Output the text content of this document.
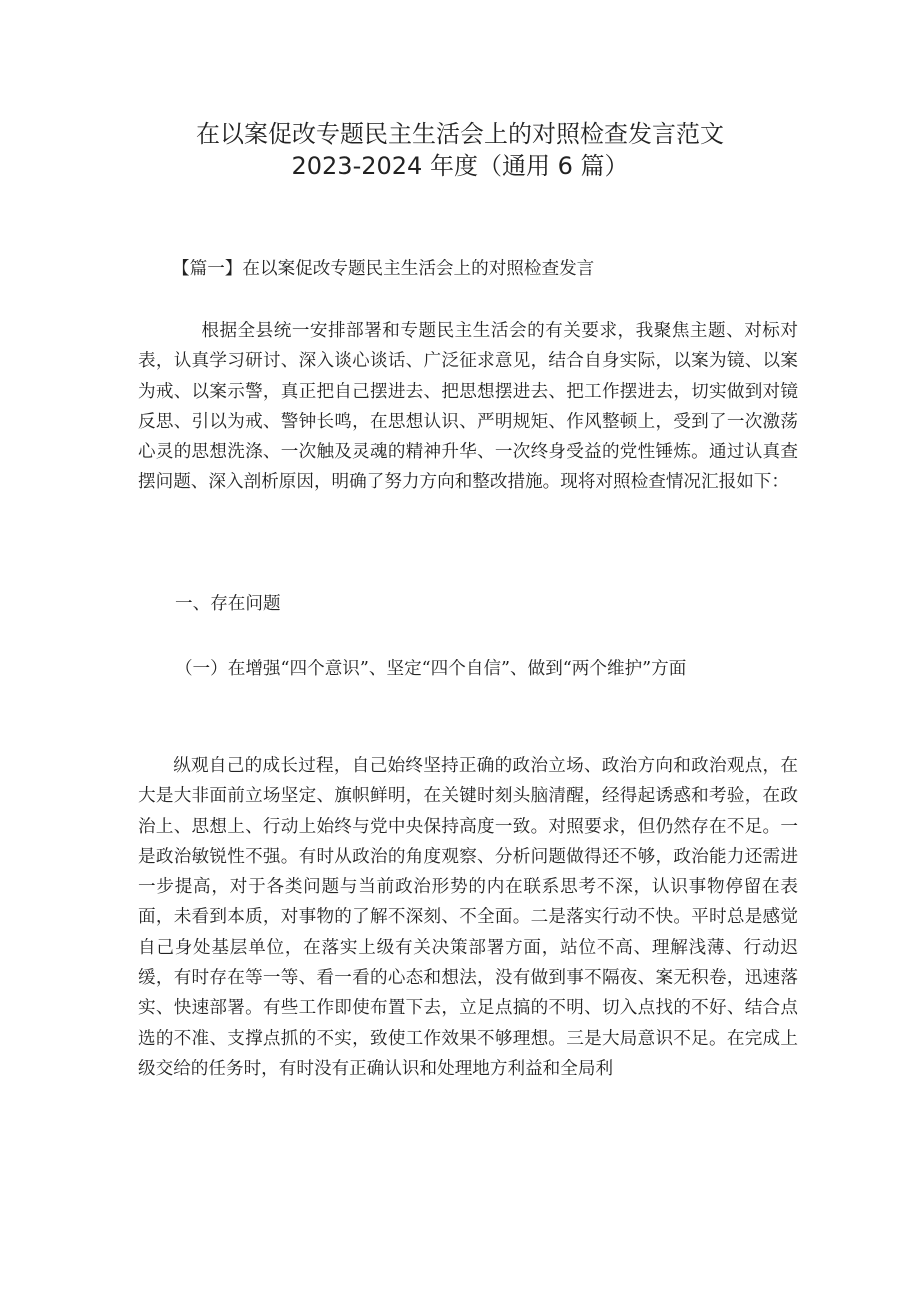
在以案促改专题民主生活会上的对照检查发言范文
2023-2024 年度（通用 6 篇）

【篇一】在以案促改专题民主生活会上的对照检查发言

根据全县统一安排部署和专题民主生活会的有关要求，我聚焦主题、对标对表，认真学习研讨、深入谈心谈话、广泛征求意见，结合自身实际，以案为镜、以案为戒、以案示警，真正把自己摆进去、把思想摆进去、把工作摆进去，切实做到对镜反思、引以为戒、警钟长鸣，在思想认识、严明规矩、作风整顿上，受到了一次激荡心灵的思想洗涤、一次触及灵魂的精神升华、一次终身受益的党性锤炼。通过认真查摆问题、深入剖析原因，明确了努力方向和整改措施。现将对照检查情况汇报如下：

一、存在问题

（一）在增强“四个意识”、坚定“四个自信”、做到“两个维护”方面

纵观自己的成长过程，自己始终坚持正确的政治立场、政治方向和政治观点，在大是大非面前立场坚定、旗帜鲜明，在关键时刻头脑清醒，经得起诱惑和考验，在政治上、思想上、行动上始终与党中央保持高度一致。对照要求，但仍然存在不足。一是政治敏锐性不强。有时从政治的角度观察、分析问题做得还不够，政治能力还需进一步提高，对于各类问题与当前政治形势的内在联系思考不深，认识事物停留在表面，未看到本质，对事物的了解不深刻、不全面。二是落实行动不快。平时总是感觉自己身处基层单位，在落实上级有关决策部署方面，站位不高、理解浅薄、行动迟缓，有时存在等一等、看一看的心态和想法，没有做到事不隔夜、案无积卷，迅速落实、快速部署。有些工作即使布置下去，立足点搞的不明、切入点找的不好、结合点选的不准、支撑点抓的不实，致使工作效果不够理想。三是大局意识不足。在完成上级交给的任务时，有时没有正确认识和处理地方利益和全局利
